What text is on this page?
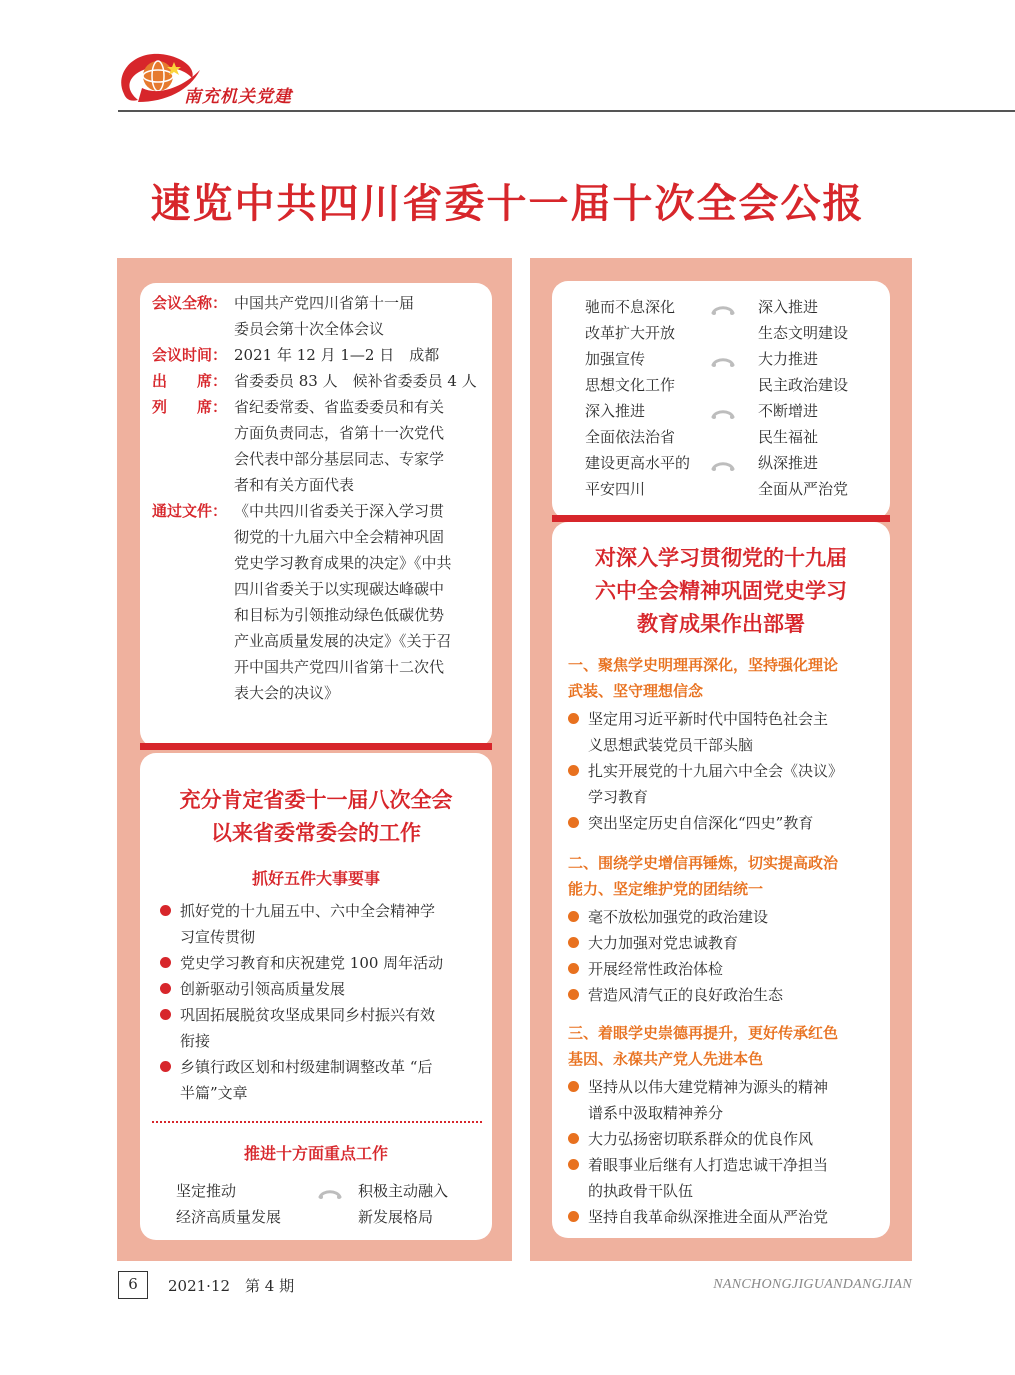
南充机关党建
速览中共四川省委十一届十次全会公报
会议全称： 中国共产党四川省第十一届
委员会第十次全体会议
会议时间： 2021 年 12 月 1—2 日　成都
出　　席： 省委委员 83 人　候补省委委员 4 人
列　　席： 省纪委常委、省监委委员和有关
方面负责同志，省第十一次党代
会代表中部分基层同志、专家学
者和有关方面代表
通过文件： 《中共四川省委关于深入学习贯
彻党的十九届六中全会精神巩固
党史学习教育成果的决定》《中共
四川省委关于以实现碳达峰碳中
和目标为引领推动绿色低碳优势
产业高质量发展的决定》《关于召
开中国共产党四川省第十二次代
表大会的决议》
充分肯定省委十一届八次全会
以来省委常委会的工作
抓好五件大事要事
抓好党的十九届五中、六中全会精神学
习宣传贯彻
党史学习教育和庆祝建党 100 周年活动
创新驱动引领高质量发展
巩固拓展脱贫攻坚成果同乡村振兴有效
衔接
乡镇行政区划和村级建制调整改革 “后
半篇”文章
推进十方面重点工作
坚定推动	积极主动融入
经济高质量发展	新发展格局
驰而不息深化	深入推进
改革扩大开放	生态文明建设
加强宣传	大力推进
思想文化工作	民主政治建设
深入推进	不断增进
全面依法治省	民生福祉
建设更高水平的	纵深推进
平安四川	全面从严治党
对深入学习贯彻党的十九届
六中全会精神巩固党史学习
教育成果作出部署
一、聚焦学史明理再深化，坚持强化理论
武装、坚守理想信念
坚定用习近平新时代中国特色社会主
义思想武装党员干部头脑
扎实开展党的十九届六中全会《决议》
学习教育
突出坚定历史自信深化“四史”教育
二、围绕学史增信再锤炼，切实提高政治
能力、坚定维护党的团结统一
毫不放松加强党的政治建设
大力加强对党忠诚教育
开展经常性政治体检
营造风清气正的良好政治生态
三、着眼学史崇德再提升，更好传承红色
基因、永葆共产党人先进本色
坚持从以伟大建党精神为源头的精神
谱系中汲取精神养分
大力弘扬密切联系群众的优良作风
着眼事业后继有人打造忠诚干净担当
的执政骨干队伍
坚持自我革命纵深推进全面从严治党
6	2021·12　第 4 期	NANCHONGJIGUANDANGJIAN
